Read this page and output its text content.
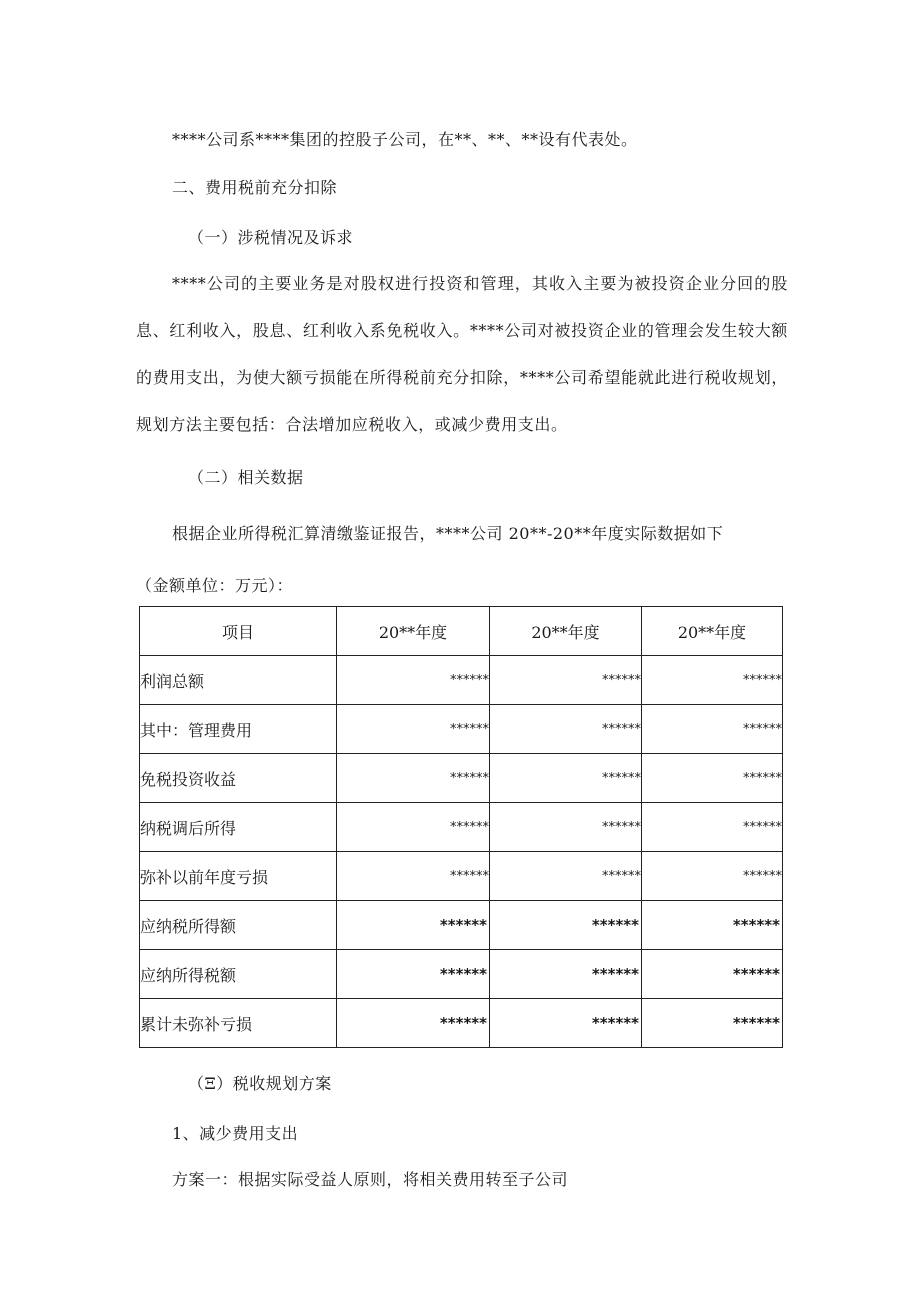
****公司系****集团的控股子公司，在**、**、**设有代表处。
二、费用税前充分扣除
（一）涉税情况及诉求

****公司的主要业务是对股权进行投资和管理，其收入主要为被投资企业分回的股息、红利收入，股息、红利收入系免税收入。****公司对被投资企业的管理会发生较大额的费用支出，为使大额亏损能在所得税前充分扣除，****公司希望能就此进行税收规划，规划方法主要包括：合法增加应税收入，或减少费用支出。

（二）相关数据
根据企业所得税汇算清缴鉴证报告，****公司 20**-20**年度实际数据如下
（金额单位：万元）：
项目	20**年度	20**年度	20**年度
利润总额	******	******	******
其中：管理费用	******	******	******
免税投资收益	******	******	******
纳税调后所得	******	******	******
弥补以前年度亏损	******	******	******
应纳税所得额	******	******	******
应纳所得税额	******	******	******
累计未弥补亏损	******	******	******
（Ξ）税收规划方案
1、减少费用支出
方案一：根据实际受益人原则，将相关费用转至子公司
